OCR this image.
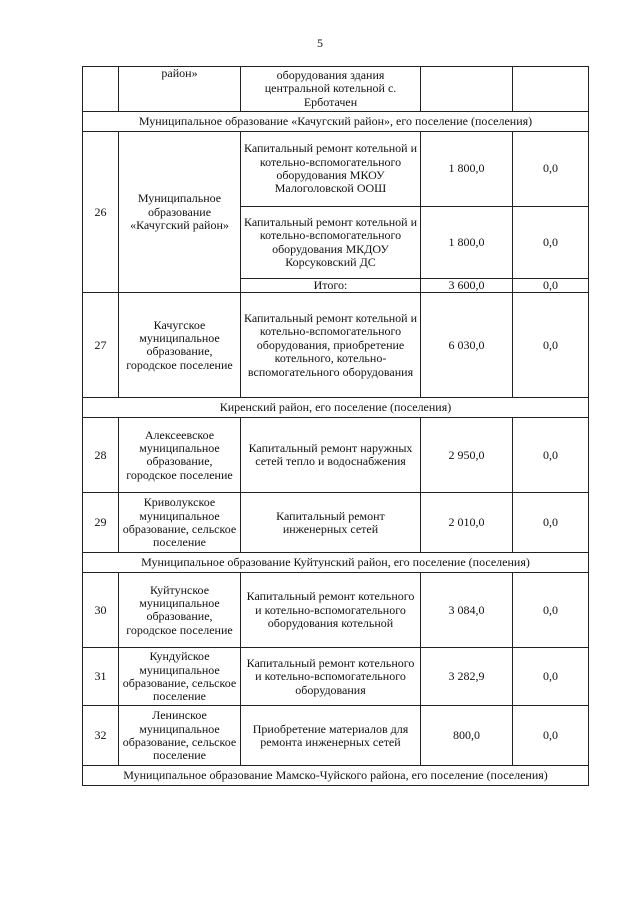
5
	район»	оборудования здания центральной котельной с. Ерботачен		
Муниципальное образование «Качугский район», его поселение (поселения)				
26	Муниципальное образование «Качугский район»	Капитальный ремонт котельной и котельно-вспомогательного оборудования МКОУ Малоголовской ООШ	1 800,0	0,0
		Капитальный ремонт котельной и котельно-вспомогательного оборудования МКДОУ Корсуковский ДС	1 800,0	0,0
		Итого:	3 600,0	0,0
27	Качугское муниципальное образование, городское поселение	Капитальный ремонт котельной и котельно-вспомогательного оборудования, приобретение котельного, котельно-вспомогательного оборудования	6 030,0	0,0
Киренский район, его поселение (поселения)				
28	Алексеевское муниципальное образование, городское поселение	Капитальный ремонт наружных сетей тепло и водоснабжения	2 950,0	0,0
29	Криволукское муниципальное образование, сельское поселение	Капитальный ремонт инженерных сетей	2 010,0	0,0
Муниципальное образование Куйтунский район, его поселение (поселения)				
30	Куйтунское муниципальное образование, городское поселение	Капитальный ремонт котельного и котельно-вспомогательного оборудования котельной	3 084,0	0,0
31	Кундуйское муниципальное образование, сельское поселение	Капитальный ремонт котельного и котельно-вспомогательного оборудования	3 282,9	0,0
32	Ленинское муниципальное образование, сельское поселение	Приобретение материалов для ремонта инженерных сетей	800,0	0,0
Муниципальное образование Мамско-Чуйского района, его поселение (поселения)				
